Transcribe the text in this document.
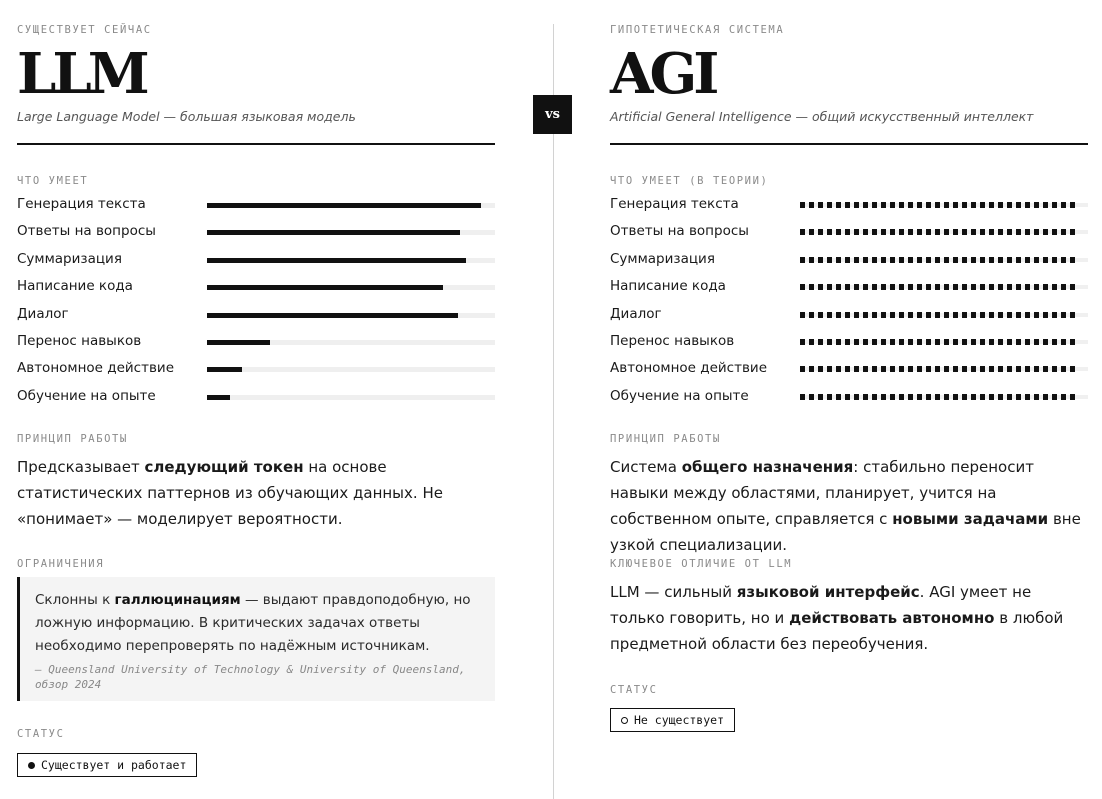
vs
СУЩЕСТВУЕТ СЕЙЧАС
LLM
Large Language Model — большая языковая модель
ЧТО УМЕЕТ
Генерация текста
Ответы на вопросы
Суммаризация
Написание кода
Диалог
Перенос навыков
Автономное действие
Обучение на опыте
ПРИНЦИП РАБОТЫ

Предсказывает следующий токен на основе статистических паттернов из обучающих данных. Не «понимает» — моделирует вероятности.

ОГРАНИЧЕНИЯ

Склонны к галлюцинациям — выдают правдоподобную, но ложную информацию. В критических задачах ответы необходимо перепроверять по надёжным источникам.

— Queensland University of Technology & University of Queensland, обзор 2024

СТАТУС
Существует и работает
ГИПОТЕТИЧЕСКАЯ СИСТЕМА
AGI
Artificial General Intelligence — общий искусственный интеллект
ЧТО УМЕЕТ (В ТЕОРИИ)
Генерация текста
Ответы на вопросы
Суммаризация
Написание кода
Диалог
Перенос навыков
Автономное действие
Обучение на опыте
ПРИНЦИП РАБОТЫ

Система общего назначения: стабильно переносит навыки между областями, планирует, учится на собственном опыте, справляется с новыми задачами вне узкой специализации.

КЛЮЧЕВОЕ ОТЛИЧИЕ ОТ LLM

LLM — сильный языковой интерфейс. AGI умеет не только говорить, но и действовать автономно в любой предметной области без переобучения.

СТАТУС
Не существует
